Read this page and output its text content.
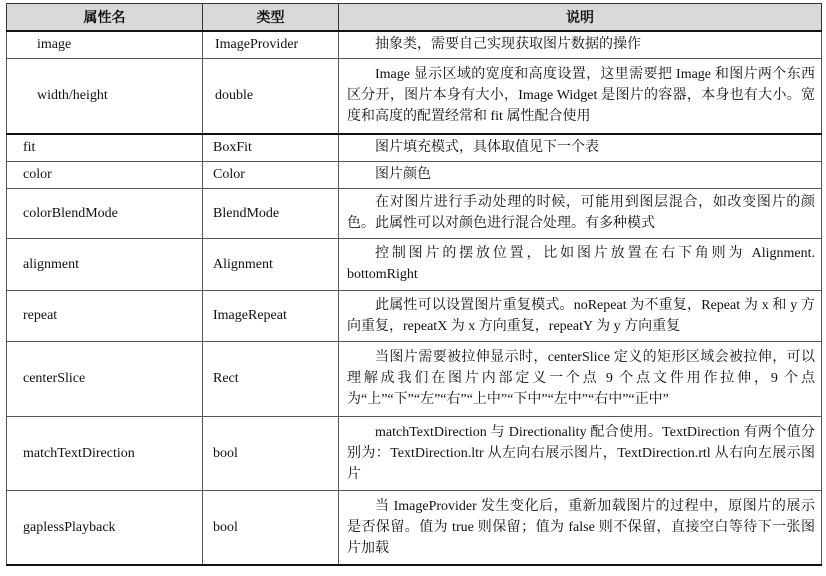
属性名	类型	说明
image	ImageProvider	抽象类，需要自己实现获取图片数据的操作
width/height	double	Image 显示区域的宽度和高度设置，这里需要把 Image 和图片两个东西区分开，图片本身有大小，Image Widget 是图片的容器，本身也有大小。宽度和高度的配置经常和 fit 属性配合使用
fit	BoxFit	图片填充模式，具体取值见下一个表
color	Color	图片颜色
colorBlendMode	BlendMode	在对图片进行手动处理的时候，可能用到图层混合，如改变图片的颜色。此属性可以对颜色进行混合处理。有多种模式
alignment	Alignment	控制图片的摆放位置，比如图片放置在右下角则为 Alignment. bottomRight
repeat	ImageRepeat	此属性可以设置图片重复模式。noRepeat 为不重复，Repeat 为 x 和 y 方向重复，repeatX 为 x 方向重复，repeatY 为 y 方向重复
centerSlice	Rect	当图片需要被拉伸显示时，centerSlice 定义的矩形区域会被拉伸，可以理解成我们在图片内部定义一个点 9 个点文件用作拉伸，9 个点为“上”“下”“左”“右”“上中”“下中”“左中”“右中”“正中”
matchTextDirection	bool	matchTextDirection 与 Directionality 配合使用。TextDirection 有两个值分别为：TextDirection.ltr 从左向右展示图片，TextDirection.rtl 从右向左展示图片
gaplessPlayback	bool	当 ImageProvider 发生变化后，重新加载图片的过程中，原图片的展示是否保留。值为 true 则保留；值为 false 则不保留，直接空白等待下一张图片加载
